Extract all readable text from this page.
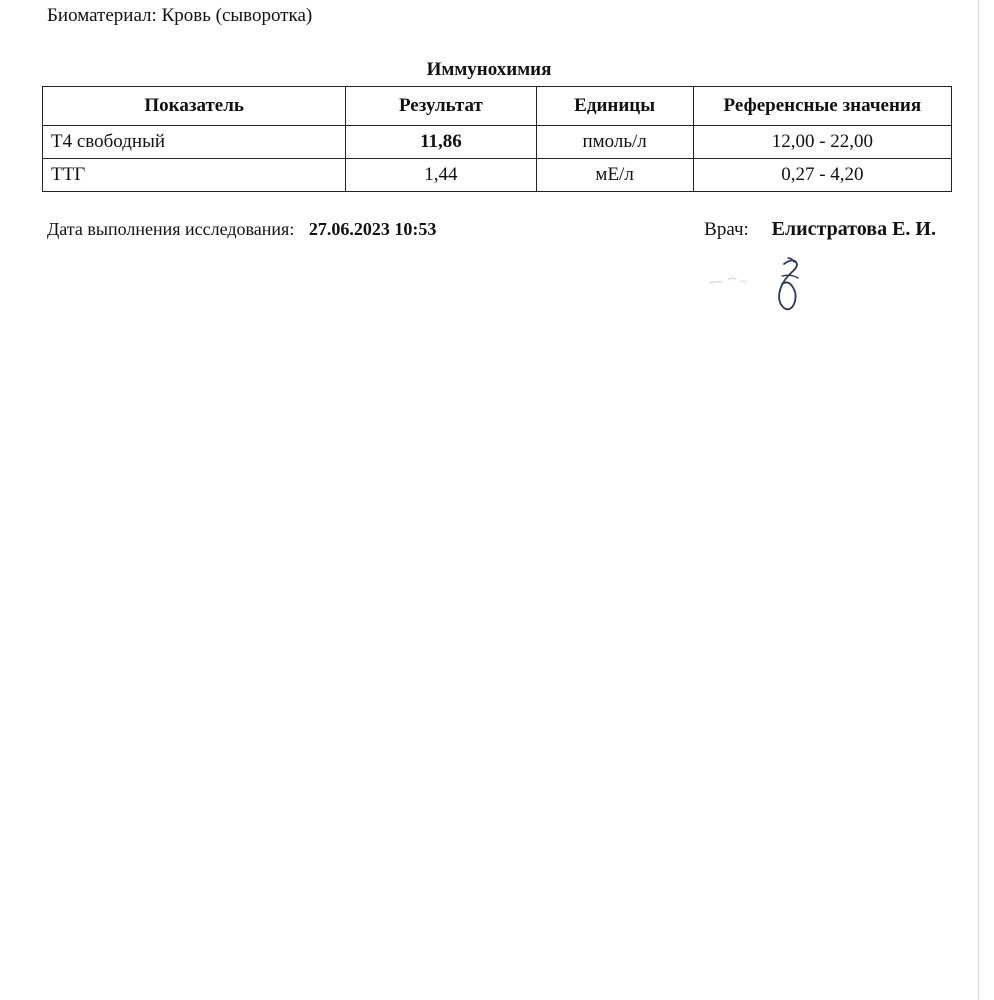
Биоматериал: Кровь (сыворотка)
Иммунохимия
Показатель	Результат	Единицы	Референсные значения
Т4 свободный	11,86	пмоль/л	12,00 - 22,00
ТТГ	1,44	мЕ/л	0,27 - 4,20
Дата выполнения исследования: 27.06.2023 10:53	Врач: Елистратова Е. И.
